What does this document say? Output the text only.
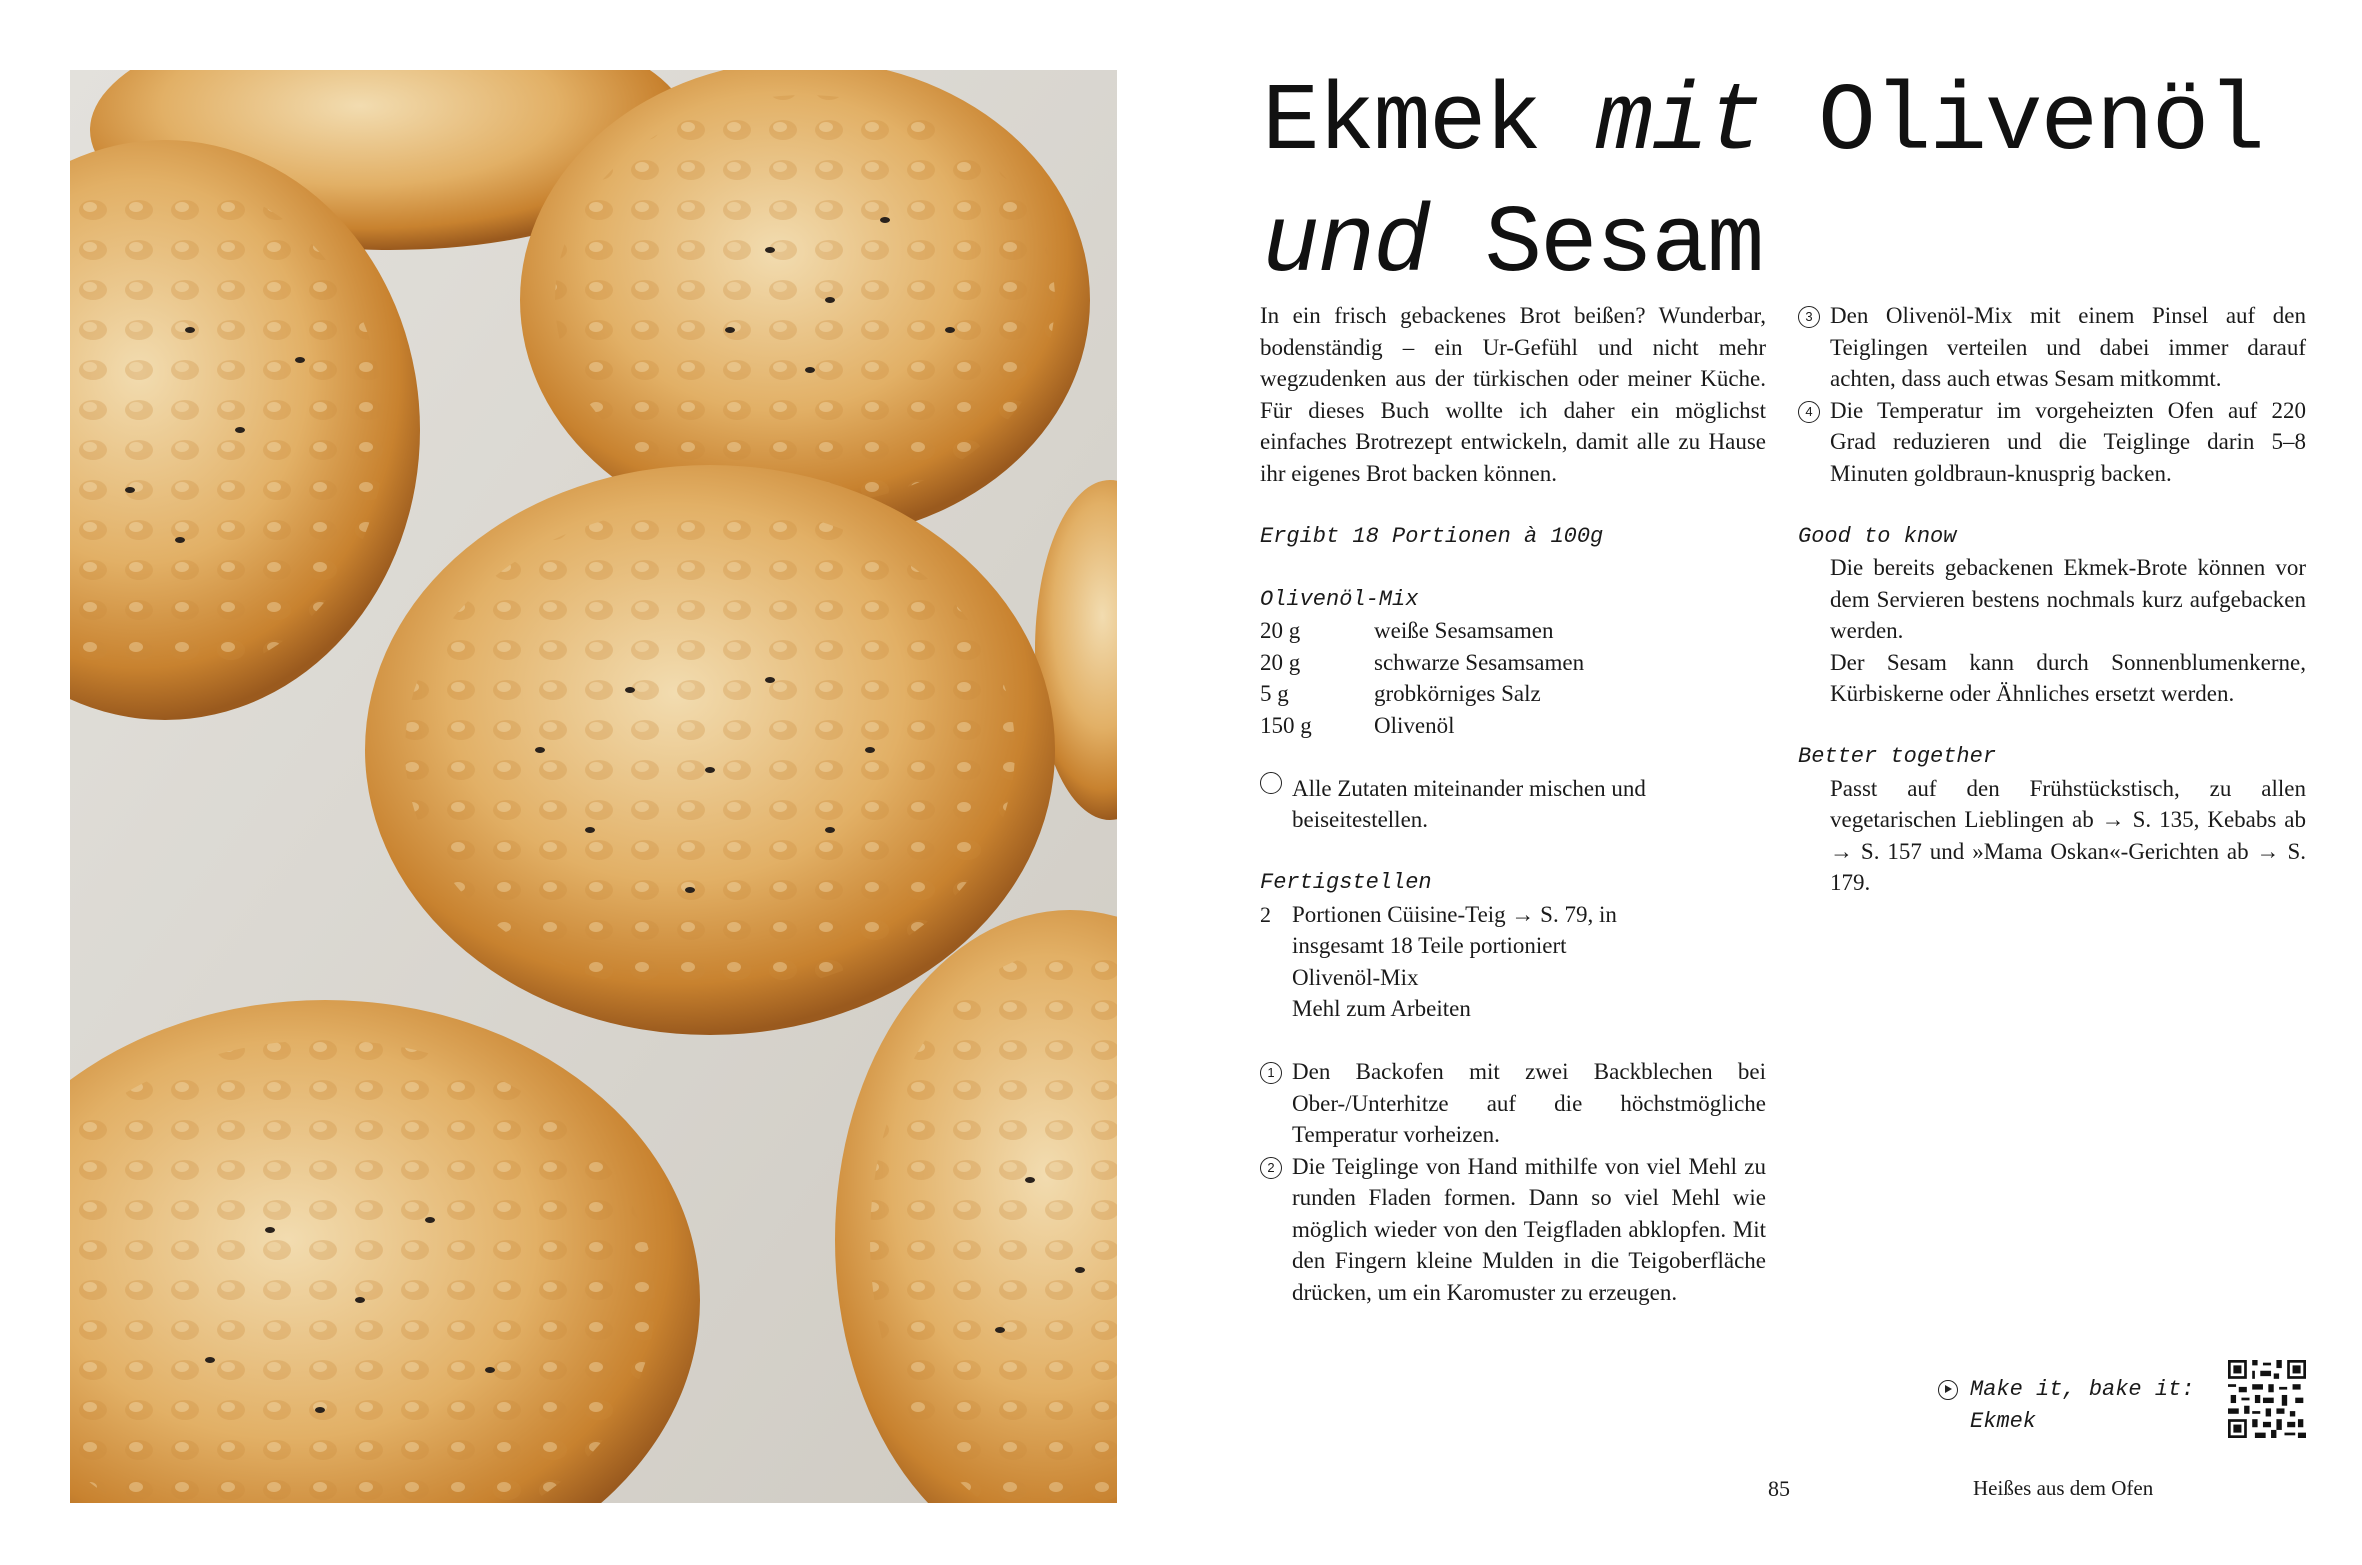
Ekmek mit Olivenöl
und Sesam

In ein frisch gebackenes Brot beißen? Wunderbar, bodenständig – ein Ur-Gefühl und nicht mehr wegzudenken aus der türkischen oder meiner Küche. Für dieses Buch wollte ich daher ein möglichst einfaches Brotrezept entwickeln, damit alle zu Hause ihr eigenes Brot backen können.

Ergibt 18 Portionen à 100g

Olivenöl-Mix

20 g	weiße Sesamsamen
20 g	schwarze Sesamsamen
5 g	grobkörniges Salz
150 g	Olivenöl
Alle Zutaten miteinander mischen und beiseitestellen.

Fertigstellen

2 Portionen Cüisine-Teig → S. 79, in
insgesamt 18 Teile portioniert
Olivenöl-Mix
Mehl zum Arbeiten
1 Den Backofen mit zwei Backblechen bei Ober-/Unterhitze auf die höchstmögliche Temperatur vorheizen.
2 Die Teiglinge von Hand mithilfe von viel Mehl zu runden Fladen formen. Dann so viel Mehl wie möglich wieder von den Teigfladen abklopfen. Mit den Fingern kleine Mulden in die Teigoberfläche drücken, um ein Karomuster zu erzeugen.
3 Den Olivenöl-Mix mit einem Pinsel auf den Teiglingen verteilen und dabei immer darauf achten, dass auch etwas Sesam mitkommt.
4 Die Temperatur im vorgeheizten Ofen auf 220 Grad reduzieren und die Teiglinge darin 5–8 Minuten goldbraun-knusprig backen.

Good to know

Die bereits gebackenen Ekmek-Brote können vor dem Servieren bestens nochmals kurz aufgebacken werden.

Der Sesam kann durch Sonnenblumenkerne, Kürbiskerne oder Ähnliches ersetzt werden.

Better together

Passt auf den Frühstückstisch, zu allen vegetarischen Lieblingen ab → S. 135, Kebabs ab → S. 157 und »Mama Oskan«-Gerichten ab → S. 179.

Make it, bake it:
Ekmek
85	Heißes aus dem Ofen
